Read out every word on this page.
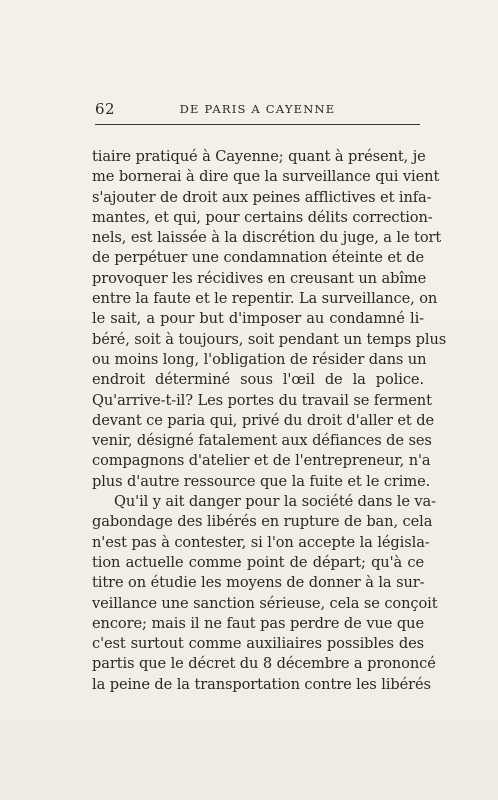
62	DE PARIS A CAYENNE
tiaire pratiqué à Cayenne; quant à présent, je
me bornerai à dire que la surveillance qui vient
s'ajouter de droit aux peines afflictives et infa-
mantes, et qui, pour certains délits correction-
nels, est laissée à la discrétion du juge, a le tort
de perpétuer une condamnation éteinte et de
provoquer les récidives en creusant un abîme
entre la faute et le repentir. La surveillance, on
le sait, a pour but d'imposer au condamné li-
béré, soit à toujours, soit pendant un temps plus
ou moins long, l'obligation de résider dans un
endroit déterminé sous l'œil de la police.
Qu'arrive-t-il? Les portes du travail se ferment
devant ce paria qui, privé du droit d'aller et de
venir, désigné fatalement aux défiances de ses
compagnons d'atelier et de l'entrepreneur, n'a
plus d'autre ressource que la fuite et le crime.
Qu'il y ait danger pour la société dans le va-
gabondage des libérés en rupture de ban, cela
n'est pas à contester, si l'on accepte la législa-
tion actuelle comme point de départ; qu'à ce
titre on étudie les moyens de donner à la sur-
veillance une sanction sérieuse, cela se conçoit
encore; mais il ne faut pas perdre de vue que
c'est surtout comme auxiliaires possibles des
partis que le décret du 8 décembre a prononcé
la peine de la transportation contre les libérés
